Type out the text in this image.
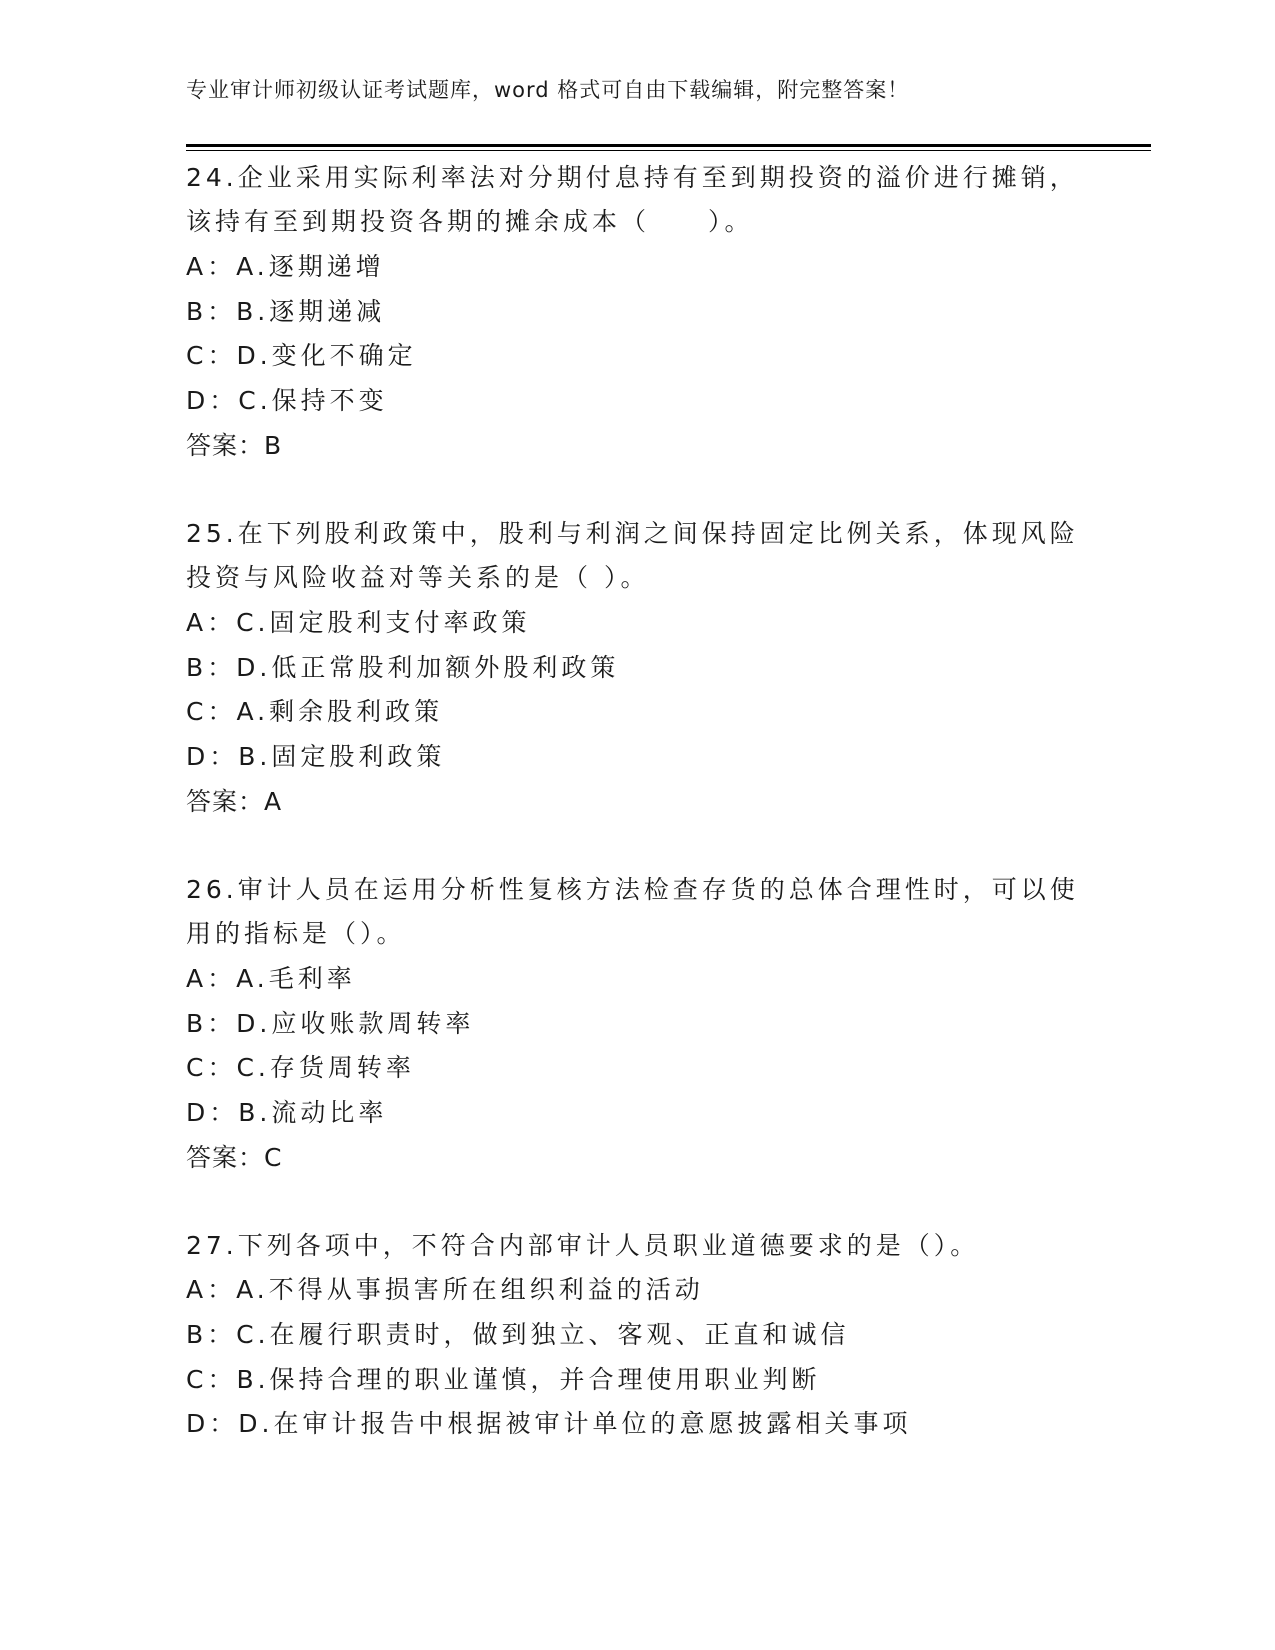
专业审计师初级认证考试题库，word 格式可自由下载编辑，附完整答案！
24.企业采用实际利率法对分期付息持有至到期投资的溢价进行摊销，
该持有至到期投资各期的摊余成本（　　）。
A：A.逐期递增
B：B.逐期递减
C：D.变化不确定
D：C.保持不变
答案：B
25.在下列股利政策中，股利与利润之间保持固定比例关系，体现风险
投资与风险收益对等关系的是（ ）。
A：C.固定股利支付率政策
B：D.低正常股利加额外股利政策
C：A.剩余股利政策
D：B.固定股利政策
答案：A
26.审计人员在运用分析性复核方法检查存货的总体合理性时，可以使
用的指标是（）。
A：A.毛利率
B：D.应收账款周转率
C：C.存货周转率
D：B.流动比率
答案：C
27.下列各项中，不符合内部审计人员职业道德要求的是（）。
A：A.不得从事损害所在组织利益的活动
B：C.在履行职责时，做到独立、客观、正直和诚信
C：B.保持合理的职业谨慎，并合理使用职业判断
D：D.在审计报告中根据被审计单位的意愿披露相关事项
